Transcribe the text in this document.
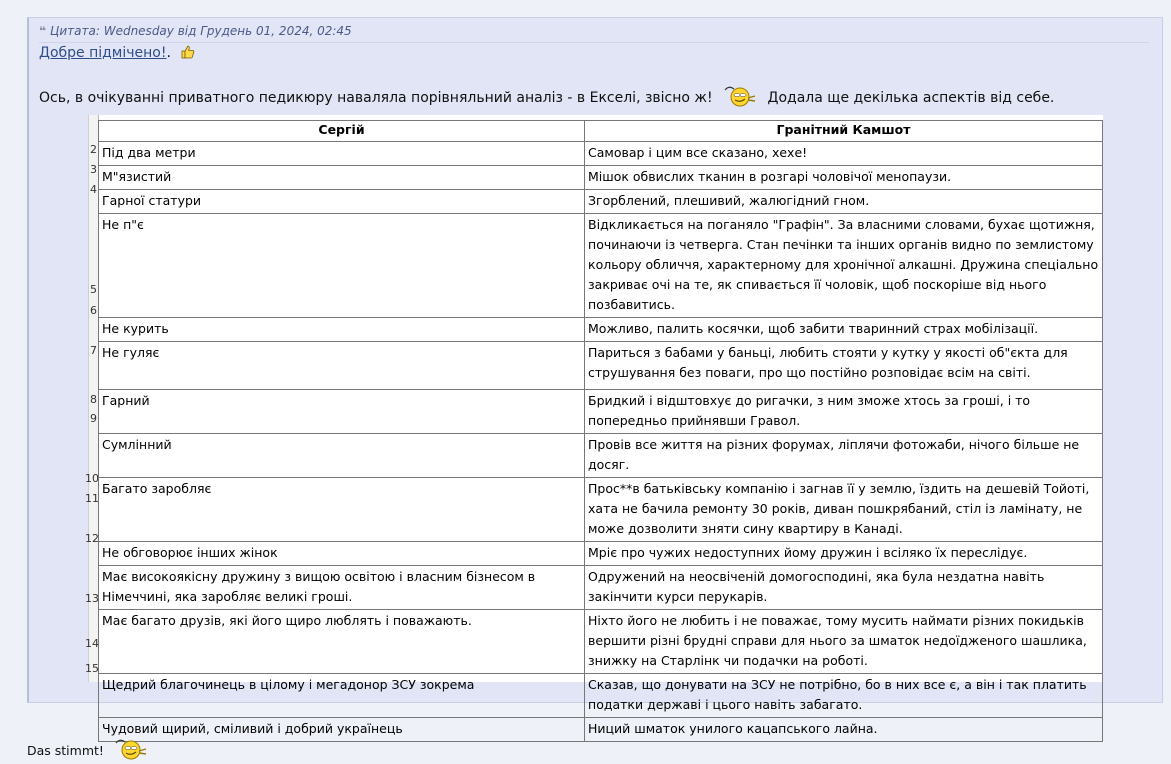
❝ Цитата: Wednesday від Грудень 01, 2024, 02:45
Добре підмічено!.
Ось, в очікуванні приватного педикюру наваляла порівняльний аналіз - в Екселі, звісно ж!	Додала ще декілька аспектів від себе.
2
3
4
5
6
7
8
9
10
11
12
13
14
15
Сергій	Гранітний Камшот
Під два метри	Самовар і цим все сказано, хехе!
М"язистий	Мішок обвислих тканин в розгарі чоловічої менопаузи.
Гарної статури	Згорблений, плешивий, жалюгідний гном.
Не п"є	Відкликається на поганяло "Графін". За власними словами, бухає щотижня, починаючи із четверга. Стан печінки та інших органів видно по землистому кольору обличчя, характерному для хронічної алкашні. Дружина спеціально закриває очі на те, як спивається її чоловік, щоб поскоріше від нього позбавитись.
Не курить	Можливо, палить косячки, щоб забити тваринний страх мобілізації.
Не гуляє	Париться з бабами у баньці, любить стояти у кутку у якості об"єкта для струшування без поваги, про що постійно розповідає всім на світі.
Гарний	Бридкий і відштовхує до ригачки, з ним зможе хтось за гроші, і то попередньо прийнявши Гравол.
Сумлінний	Провів все життя на різних форумах, ліплячи фотожаби, нічого більше не досяг.
Багато заробляє	Прос**в батьківську компанію і загнав її у землю, їздить на дешевій Тойоті, хата не бачила ремонту 30 років, диван пошкрябаний, стіл із ламінату, не може дозволити зняти сину квартиру в Канаді.
Не обговорює інших жінок	Мріє про чужих недоступних йому дружин і всіляко їх переслідує.
Має високоякісну дружину з вищою освітою і власним бізнесом в Німеччині, яка заробляє великі гроші.	Одружений на неосвіченій домогосподині, яка була нездатна навіть закінчити курси перукарів.
Має багато друзів, які його щиро люблять і поважають.	Ніхто його не любить і не поважає, тому мусить наймати різних покидьків вершити різні брудні справи для нього за шматок недоїдженого шашлика, знижку на Старлінк чи подачки на роботі.
Щедрий благочинець в цілому і мегадонор ЗСУ зокрема	Сказав, що донувати на ЗСУ не потрібно, бо в них все є, а він і так платить податки державі і цього навіть забагато.
Чудовий щирий, сміливий і добрий українець	Ниций шматок унилого кацапського лайна.
Das stimmt!
